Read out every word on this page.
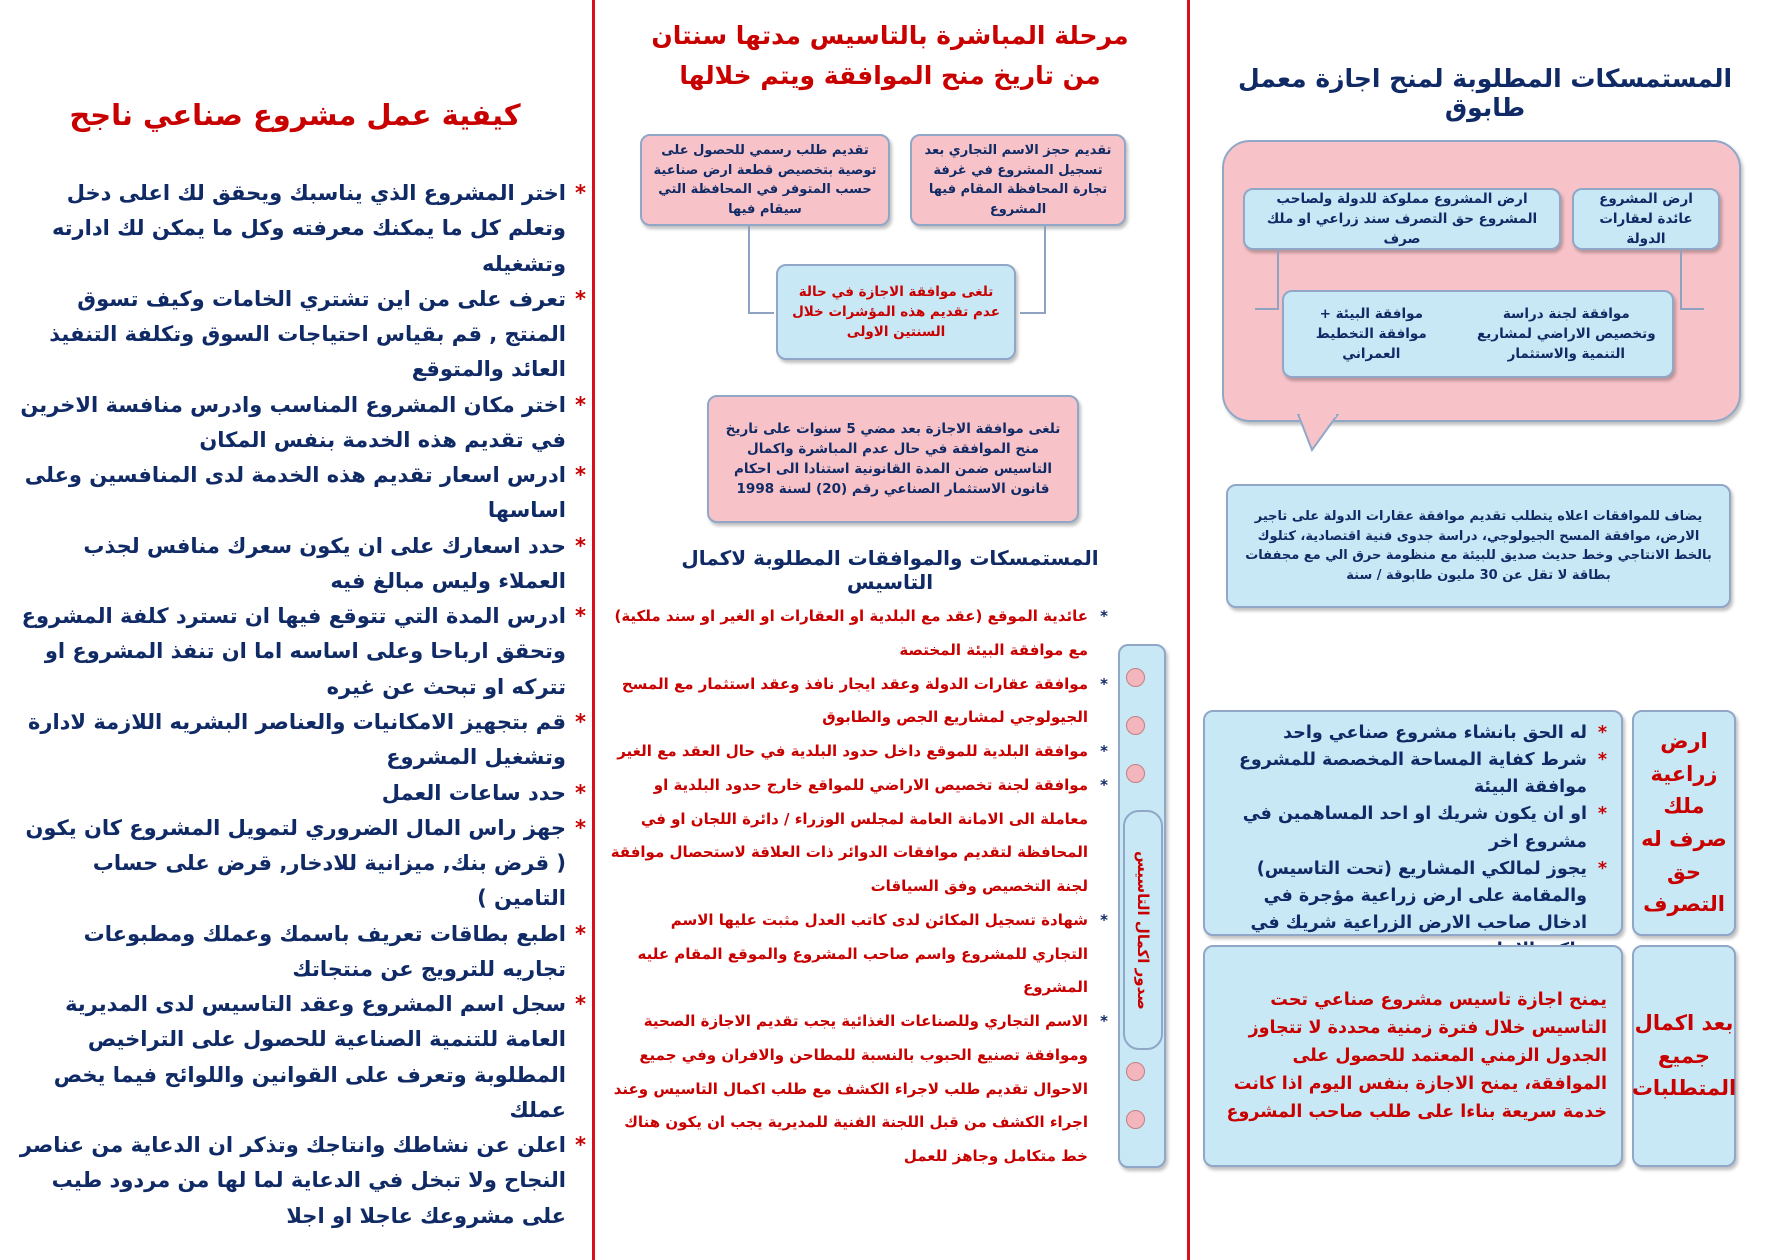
المستمسكات المطلوبة لمنح اجازة معمل طابوق
ارض المشروع مملوكة للدولة ولصاحب المشروع حق التصرف سند زراعي او ملك صرف
ارض المشروع عائدة لعقارات الدولة
موافقة البيئة + موافقة التخطيط العمراني
موافقة لجنة دراسة وتخصيص الاراضي لمشاريع التنمية والاستثمار
يضاف للموافقات اعلاه يتطلب تقديم موافقة عقارات الدولة على تاجير الارض، موافقة المسح الجيولوجي، دراسة جدوى فنية اقتصادية، كتلوك بالخط الانتاجي وخط حديث صديق للبيئة مع منظومة حرق الي مع مجففات بطاقة لا تقل عن 30 مليون طابوقة / سنة
ارض زراعية ملك صرف له حق التصرف
*
له الحق بانشاء مشروع صناعي واحد
*
شرط كفاية المساحة المخصصة للمشروع موافقة البيئة
*
او ان يكون شريك او احد المساهمين في مشروع اخر
*
يجوز لمالكي المشاريع (تحت التاسيس) والمقامة على ارض زراعية مؤجرة في ادخال صاحب الارض الزراعية شريك في
بعد اكمال جميع المتطلبات
يمنح اجازة تاسيس مشروع صناعي تحت التاسيس خلال فترة زمنية محددة لا تتجاوز الجدول الزمني المعتمد للحصول على الموافقة، يمنح الاجازة بنفس اليوم اذا كانت خدمة سريعة بناءا على طلب صاحب المشروع
مرحلة المباشرة بالتاسيس مدتها سنتان من تاريخ منح الموافقة ويتم خلالها
تقديم حجز الاسم التجاري بعد تسجيل المشروع في غرفة تجارة المحافظة المقام فيها المشروع
تقديم طلب رسمي للحصول على توصية بتخصيص قطعة ارض صناعية حسب المتوفر في المحافظة التي سيقام فيها
تلغى موافقة الاجازة في حالة عدم تقديم هذه المؤشرات خلال السنتين الاولى
تلغى موافقة الاجازة بعد مضي 5 سنوات على تاريخ منح الموافقة في حال عدم المباشرة واكمال التاسيس ضمن المدة القانونية استنادا الى احكام قانون الاستثمار الصناعي رقم (20) لسنة 1998
المستمسكات والموافقات المطلوبة لاكمال التاسيس
صدور اكمال التاسيس
*
عائدية الموقع (عقد مع البلدية او العقارات او الغير او سند ملكية) مع موافقة البيئة المختصة
*
موافقة عقارات الدولة وعقد ايجار نافذ وعقد استثمار مع المسح الجيولوجي لمشاريع الجص والطابوق
*
موافقة البلدية للموقع داخل حدود البلدية في حال العقد مع الغير
*
موافقة لجنة تخصيص الاراضي للمواقع خارج حدود البلدية او معاملة الى الامانة العامة لمجلس الوزراء / دائرة اللجان او في المحافظة لتقديم موافقات الدوائر ذات العلاقة لاستحصال موافقة لجنة التخصيص وفق السياقات
*
شهادة تسجيل المكائن لدى كاتب العدل مثبت عليها الاسم التجاري للمشروع واسم صاحب المشروع والموقع المقام عليه المشروع
*
الاسم التجاري وللصناعات الغذائية يجب تقديم الاجازة الصحية وموافقة تصنيع الحبوب بالنسبة للمطاحن والافران وفي جميع الاحوال تقديم طلب لاجراء الكشف مع طلب اكمال التاسيس وعند اجراء الكشف من قبل اللجنة الفنية للمديرية يجب ان يكون هناك خط متكامل وجاهز للعمل
كيفية عمل مشروع صناعي ناجح
*
اختر المشروع الذي يناسبك ويحقق لك اعلى دخل وتعلم كل ما يمكنك معرفته وكل ما يمكن لك ادارته وتشغيله
*
تعرف على من اين تشتري الخامات وكيف تسوق المنتج , قم بقياس احتياجات السوق وتكلفة التنفيذ العائد والمتوقع
*
اختر مكان المشروع المناسب وادرس منافسة الاخرين في تقديم هذه الخدمة بنفس المكان
*
ادرس اسعار تقديم هذه الخدمة لدى المنافسين وعلى اساسها
*
حدد اسعارك على ان يكون سعرك منافس لجذب العملاء وليس مبالغ فيه
*
ادرس المدة التي تتوقع فيها ان تسترد كلفة المشروع وتحقق ارباحا وعلى اساسه اما ان تنفذ المشروع او تتركه او تبحث عن غيره
*
قم بتجهيز الامكانيات والعناصر البشريه اللازمة لادارة وتشغيل المشروع
*
حدد ساعات العمل
*
جهز راس المال الضروري لتمويل المشروع كان يكون ( قرض بنك, ميزانية للادخار, قرض على حساب التامين )
*
اطبع بطاقات تعريف باسمك وعملك ومطبوعات تجاريه للترويج عن منتجاتك
*
سجل اسم المشروع وعقد التاسيس لدى المديرية العامة للتنمية الصناعية للحصول على التراخيص المطلوبة وتعرف على القوانين واللوائح فيما يخص عملك
*
اعلن عن نشاطك وانتاجك وتذكر ان الدعاية من عناصر النجاح ولا تبخل في الدعاية لما لها من مردود طيب على مشروعك عاجلا او اجلا
